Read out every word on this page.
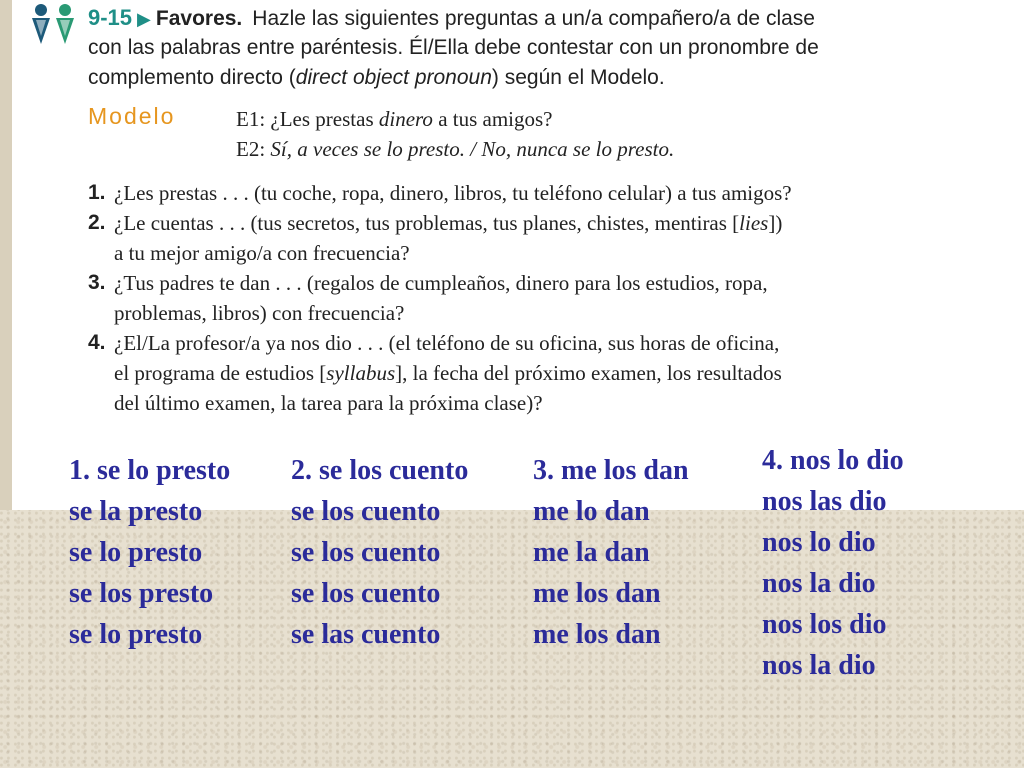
9-15 ▶ Favores. Hazle las siguientes preguntas a un/a compañero/a de clase
con las palabras entre paréntesis. Él/Ella debe contestar con un pronombre de
complemento directo (direct object pronoun) según el Modelo.
Modelo	E1: ¿Les prestas dinero a tus amigos?
E2: Sí, a veces se lo presto. / No, nunca se lo presto.
1. ¿Les prestas . . . (tu coche, ropa, dinero, libros, tu teléfono celular) a tus amigos?
2. ¿Le cuentas . . . (tus secretos, tus problemas, tus planes, chistes, mentiras [lies])
a tu mejor amigo/a con frecuencia?
3. ¿Tus padres te dan . . . (regalos de cumpleaños, dinero para los estudios, ropa,
problemas, libros) con frecuencia?
4. ¿El/La profesor/a ya nos dio . . . (el teléfono de su oficina, sus horas de oficina,
el programa de estudios [syllabus], la fecha del próximo examen, los resultados
del último examen, la tarea para la próxima clase)?
1. se lo presto
se la presto
se lo presto
se los presto
se lo presto
2. se los cuento
se los cuento
se los cuento
se los cuento
se las cuento
3. me los dan
me lo dan
me la dan
me los dan
me los dan
4. nos lo dio
nos las dio
nos lo dio
nos la dio
nos los dio
nos la dio
